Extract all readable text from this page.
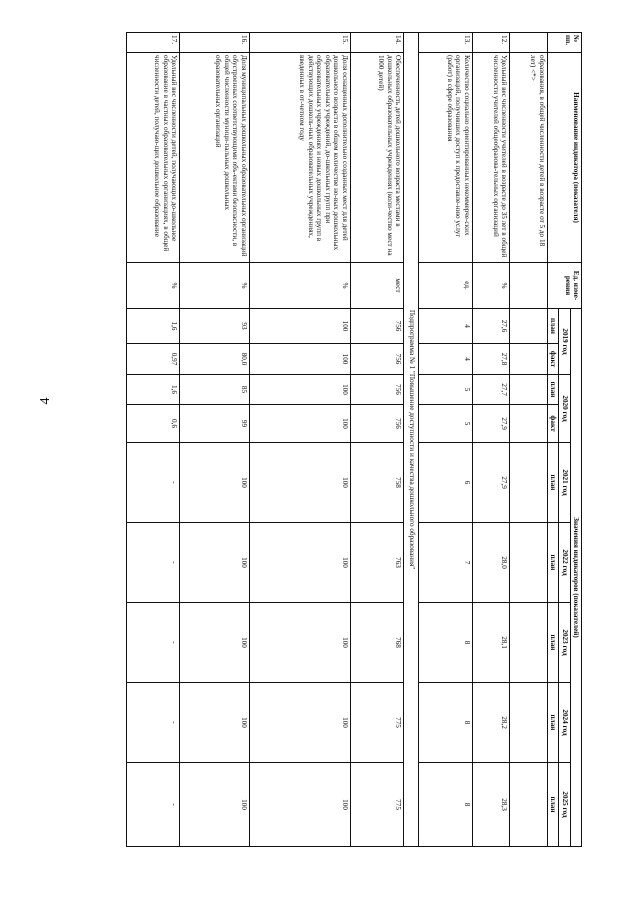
4
№ пп.	Наименование индикатора (показателя)	Ед. изме-рения	Значения индикаторов (показателей)								
			2019 год		2020 год		2021 год	2022 год	2023 год	2024 год	2025 год
			план	факт	план	факт	план	план	план	план	план
	образования, в общей численности детей в возрасте от 5 до 18 лет) <*>										
12.	Удельный вес численности учителей в возрасте до 35 лет в общей численности учителей общеобразова-тельных организаций	%	27,6	27,8	27,7	27,9	27,9	28,0	28,1	28,2	28,3
13.	Количество социально ориентированных некоммерче-ских организаций, получивших доступ к предоставле-нию услуг (работ) в сфере образования	ед.	4	4	5	5	6	7	8	8	8
Подпрограмма № 1 "Повышение доступности и качества дошкольного образования"											
14.	Обеспеченность детей дошкольного возраста местами в дошкольных образовательных учреждениях (коли-чество мест на 1000 детей)	мест	756	756	756	756	758	763	768	775	775
15.	Доля оснащенных дополнительно созданных мест для детей дошкольного возраста в общем количестве но-вых дошкольных образовательных учреждений, до-школьных групп при образовательных учреждениях и новых дошкольных групп в действующих дошколь-ных образовательных учреждениях, введенных в от-четном году	%	100	100	100	100	100	100	100	100	100
16.	Доля муниципальных дошкольных образовательных организаций обустроенных соответствующими объ-ектами безопасности, в общей численности муници-пальных дошкольных образовательных организаций	%	93	80,0	85	99	100	100	100	100	100
17.	Удельный вес численности детей, получающих до-школьное образование в частных образовательных организациях, в общей численности детей, получаю-щих дошкольное образование	%	1,6	0,97	1,6	0,6	-	-	-	-	-
